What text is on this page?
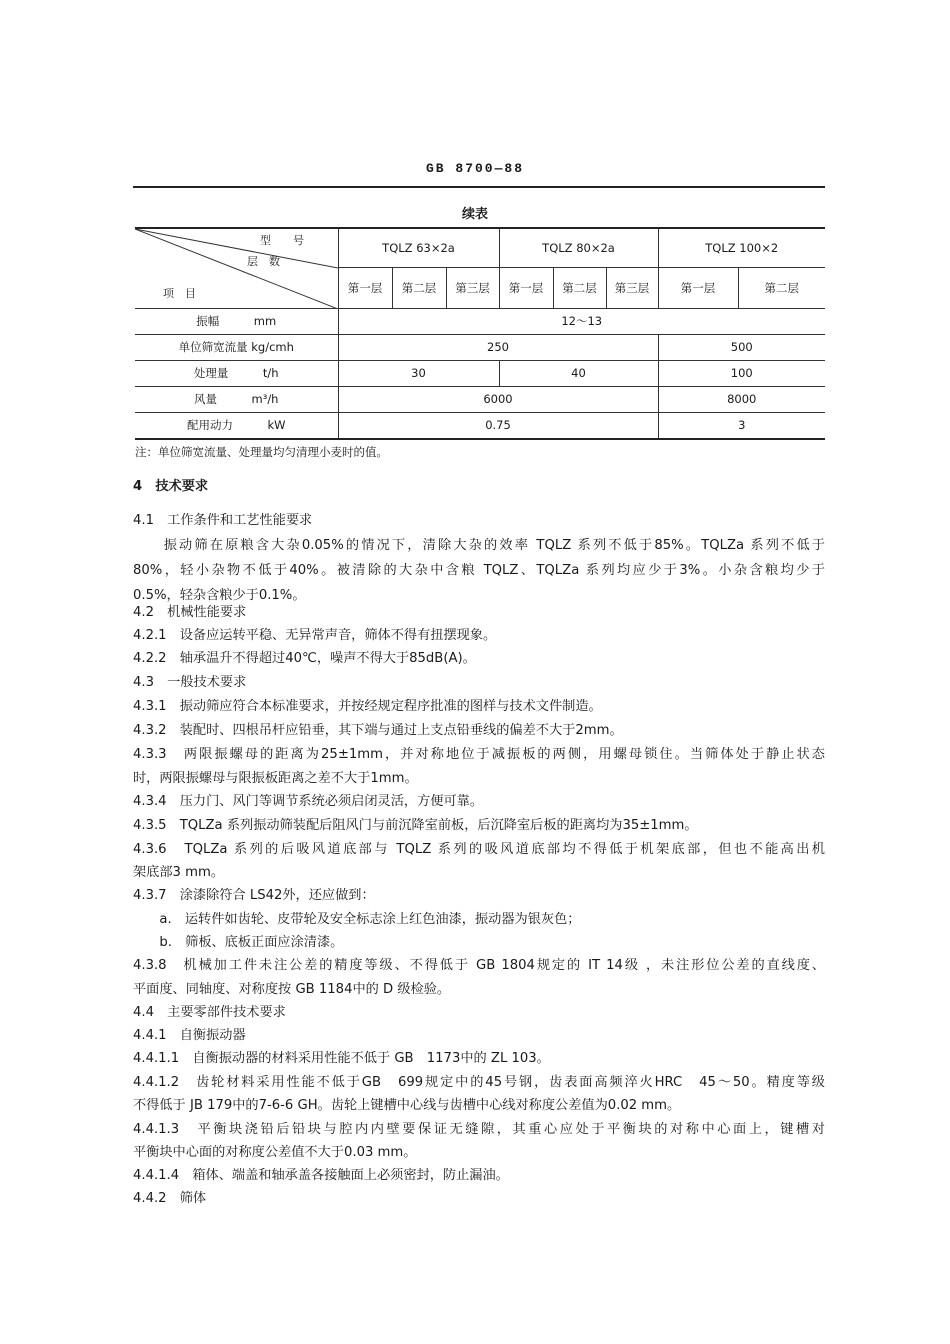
GB 8700—88
续表
型　　号
层　数
项　目	TQLZ 63×2a			TQLZ 80×2a			TQLZ 100×2	
	第一层	第二层	第三层	第一层	第二层	第三层	第一层	第二层
振幅　　　 mm	12～13							
单位筛宽流量 kg/cmh	250						500	
处理量　　　 t/h	30			40			100	
风量　　　 m³/h	6000						8000	
配用动力　　　 kW	0.75						3	
注：单位筛宽流量、处理量均匀清理小麦时的值。
4　技术要求
4.1　工作条件和工艺性能要求
　　振动筛在原粮含大杂0.05%的情况下，清除大杂的效率 TQLZ 系列不低于85%。TQLZa 系列不低于
80%，轻小杂物不低于40%。被清除的大杂中含粮 TQLZ、TQLZa 系列均应少于3%。小杂含粮均少于
0.5%，轻杂含粮少于0.1%。
4.2　机械性能要求
4.2.1　设备应运转平稳、无异常声音，筛体不得有扭摆现象。
4.2.2　轴承温升不得超过40℃，噪声不得大于85dB(A)。
4.3　一般技术要求
4.3.1　振动筛应符合本标准要求，并按经规定程序批准的图样与技术文件制造。
4.3.2　装配时、四根吊杆应铅垂，其下端与通过上支点铅垂线的偏差不大于2mm。
4.3.3　两限振螺母的距离为25±1mm，并对称地位于减振板的两侧，用螺母锁住。当筛体处于静止状态
时，两限振螺母与限振板距离之差不大于1mm。
4.3.4　压力门、风门等调节系统必须启闭灵活，方便可靠。
4.3.5　TQLZa 系列振动筛装配后阻风门与前沉降室前板，后沉降室后板的距离均为35±1mm。
4.3.6　TQLZa 系列的后吸风道底部与 TQLZ 系列的吸风道底部均不得低于机架底部，但也不能高出机
架底部3 mm。
4.3.7　涂漆除符合 LS42外，还应做到：
　　a.　运转件如齿轮、皮带轮及安全标志涂上红色油漆，振动器为银灰色；
　　b.　筛板、底板正面应涂清漆。
4.3.8　机械加工件未注公差的精度等级、不得低于 GB 1804规定的 IT 14级 ，未注形位公差的直线度、
平面度、同轴度、对称度按 GB 1184中的 D 级检验。
4.4　主要零部件技术要求
4.4.1　自衡振动器
4.4.1.1　自衡振动器的材料采用性能不低于 GB　1173中的 ZL 103。
4.4.1.2　齿轮材料采用性能不低于GB　699规定中的45号钢，齿表面高频淬火HRC　45～50。精度等级
不得低于 JB 179中的7-6-6 GH。齿轮上键槽中心线与齿槽中心线对称度公差值为0.02 mm。
4.4.1.3　平衡块浇铅后铅块与腔内内壁要保证无缝隙，其重心应处于平衡块的对称中心面上，键槽对
平衡块中心面的对称度公差值不大于0.03 mm。
4.4.1.4　箱体、端盖和轴承盖各接触面上必须密封，防止漏油。
4.4.2　筛体
